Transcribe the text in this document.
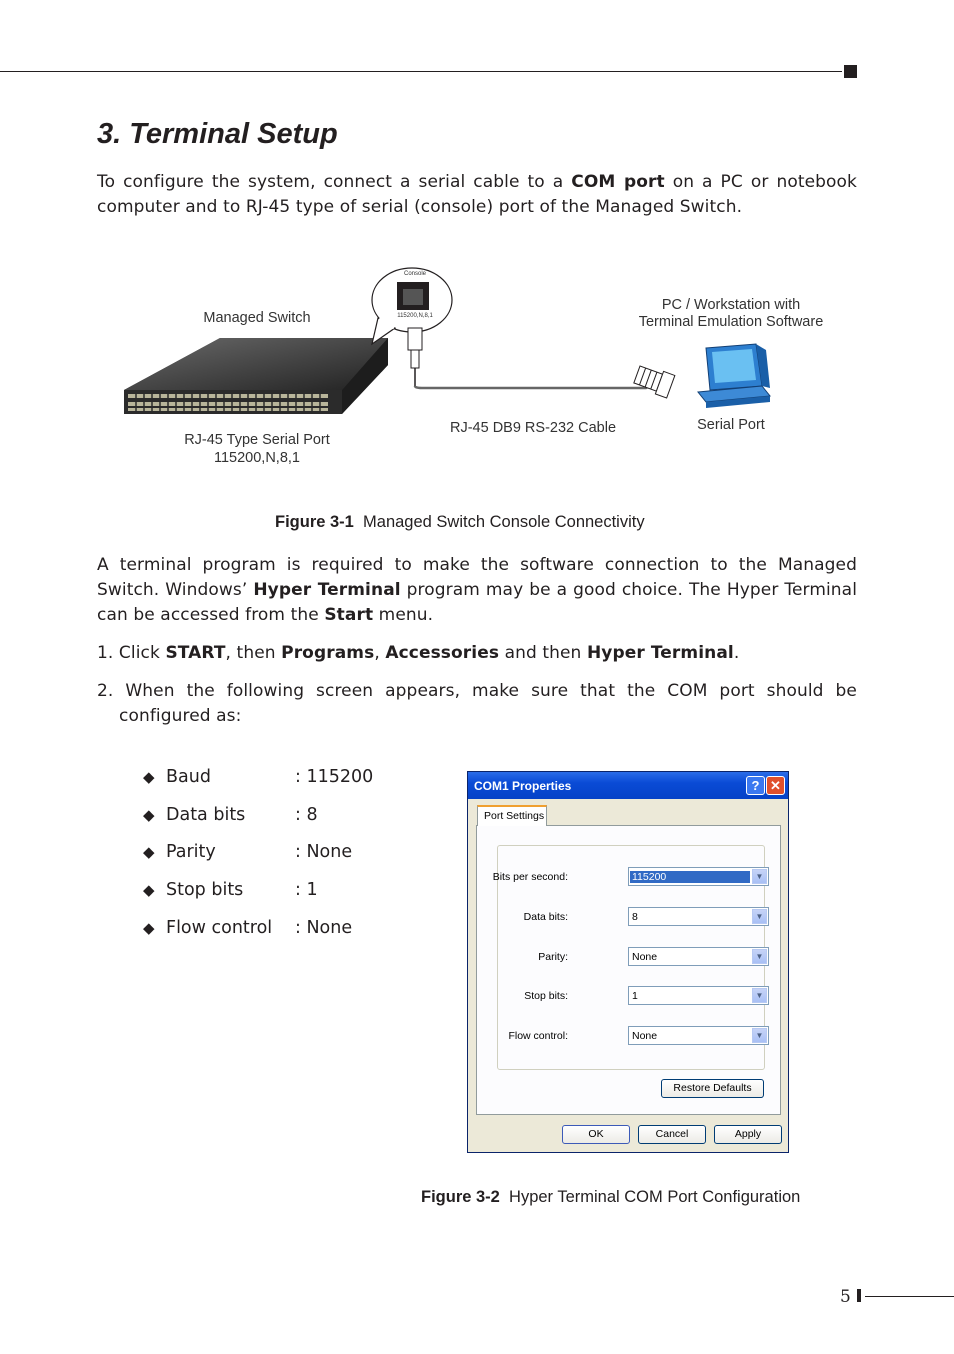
3. Terminal Setup
To configure the system, connect a serial cable to a COM port on a PC or notebook computer and to RJ-45 type of serial (console) port of the Managed Switch.
Console
115200,N,8,1
Managed Switch
PC / Workstation with
Terminal Emulation Software
RJ-45 Type Serial Port
115200,N,8,1
RJ-45 DB9 RS-232 Cable	Serial Port
Figure 3-1 Managed Switch Console Connectivity
A terminal program is required to make the software connection to the Managed Switch. Windows’ Hyper Terminal program may be a good choice. The Hyper Terminal can be accessed from the Start menu.
1. Click START, then Programs, Accessories and then Hyper Terminal.
2. When the following screen appears, make sure that the COM port should be configured as:
◆ Baud	: 115200
◆ Data bits	: 8
◆ Parity	: None
◆ Stop bits	: 1
◆ Flow control : None
COM1 Properties	? ✕
Port Settings
Bits per second:	115200	▼
Data bits:	8	▼
Parity:	None	▼
Stop bits:	1	▼
Flow control:	None	▼
Restore Defaults
OK	Cancel	Apply
Figure 3-2 Hyper Terminal COM Port Configuration
5
